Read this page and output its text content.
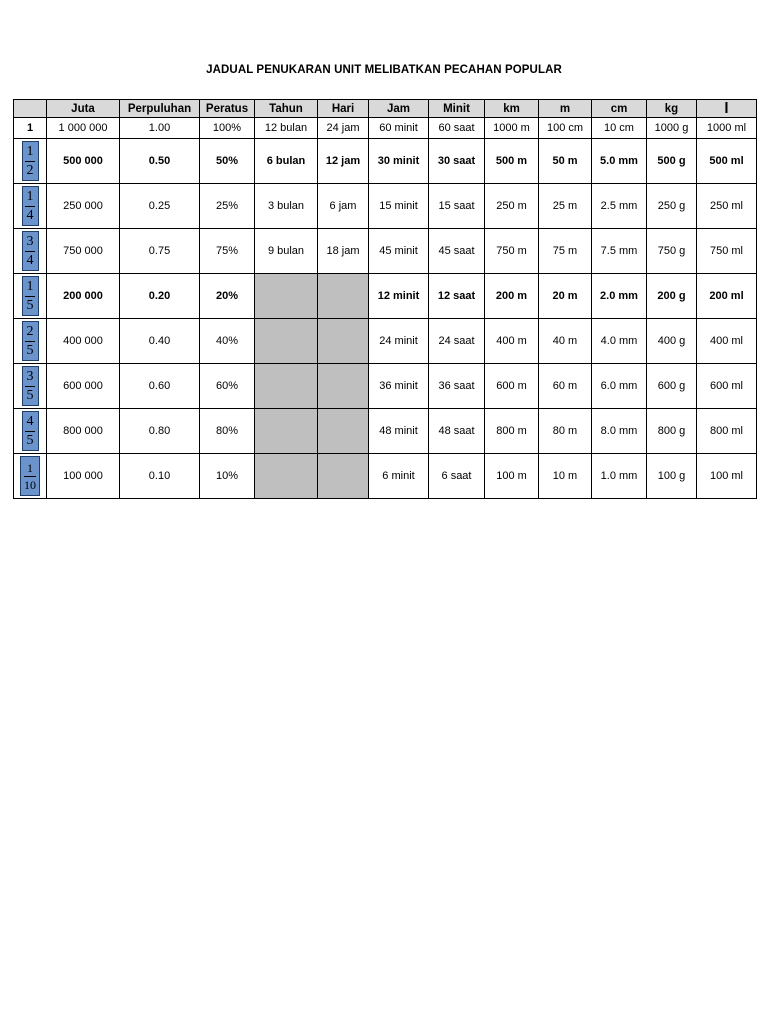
JADUAL PENUKARAN UNIT MELIBATKAN PECAHAN POPULAR
	Juta	Perpuluhan	Peratus	Tahun	Hari	Jam	Minit	km	m	cm	kg	l
1	1 000 000	1.00	100%	12 bulan	24 jam	60 minit	60 saat	1000 m	100 cm	10 cm	1000 g	1000 ml

$\frac{1}{2}$	500 000	0.50	50%	6 bulan	12 jam	30 minit	30 saat	500 m	50 m	5.0 mm	500 g	500 ml

$\frac{1}{4}$	250 000	0.25	25%	3 bulan	6 jam	15 minit	15 saat	250 m	25 m	2.5 mm	250 g	250 ml

$\frac{3}{4}$	750 000	0.75	75%	9 bulan	18 jam	45 minit	45 saat	750 m	75 m	7.5 mm	750 g	750 ml

$\frac{1}{5}$	200 000	0.20	20%			12 minit	12 saat	200 m	20 m	2.0 mm	200 g	200 ml

$\frac{2}{5}$	400 000	0.40	40%			24 minit	24 saat	400 m	40 m	4.0 mm	400 g	400 ml

$\frac{3}{5}$	600 000	0.60	60%			36 minit	36 saat	600 m	60 m	6.0 mm	600 g	600 ml

$\frac{4}{5}$	800 000	0.80	80%			48 minit	48 saat	800 m	80 m	8.0 mm	800 g	800 ml

$\frac{1}{10}$	100 000	0.10	10%			6 minit	6 saat	100 m	10 m	1.0 mm	100 g	100 ml
